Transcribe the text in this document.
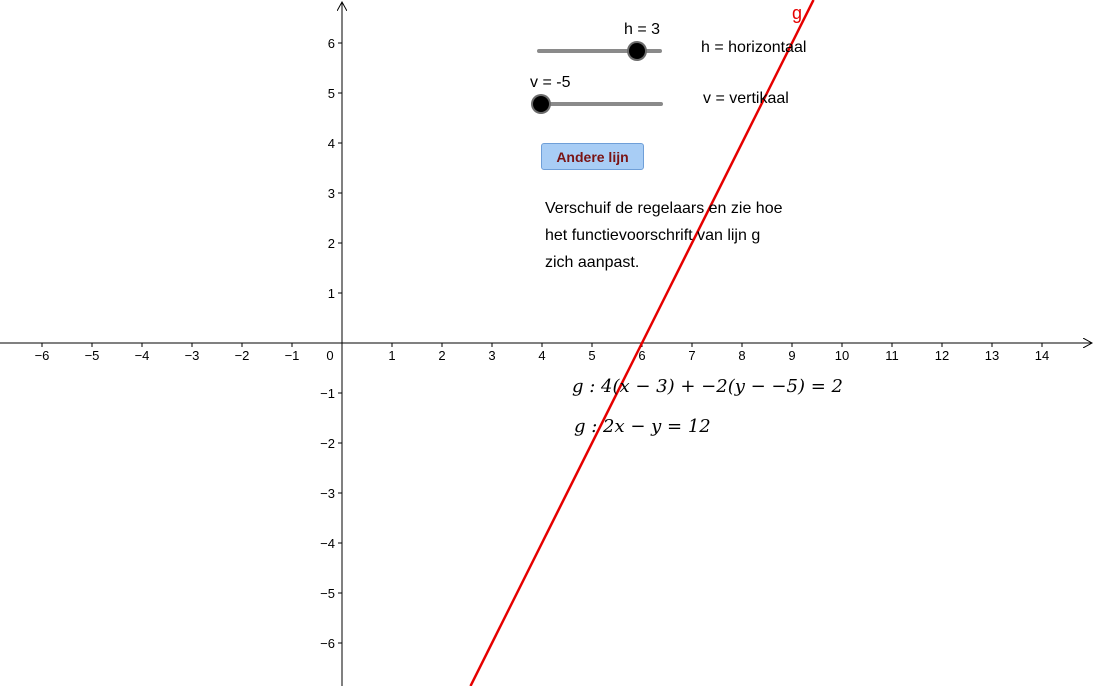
−6	−5	−4	−3	−2	−1 0	1	2	3	4	5	6	7	8	9	10	11	12	13	14
1
2
3
4
5
6
−1
−2
−3
−4
−5
−6
g
h = 3
h = horizontaal
v = -5
v = vertikaal
Andere lijn
Verschuif de regelaars en zie hoe
het functievoorschrift van lijn g
zich aanpast.
g : 4(x − 3) + −2(y − −5) = 2
g : 2x − y = 12
